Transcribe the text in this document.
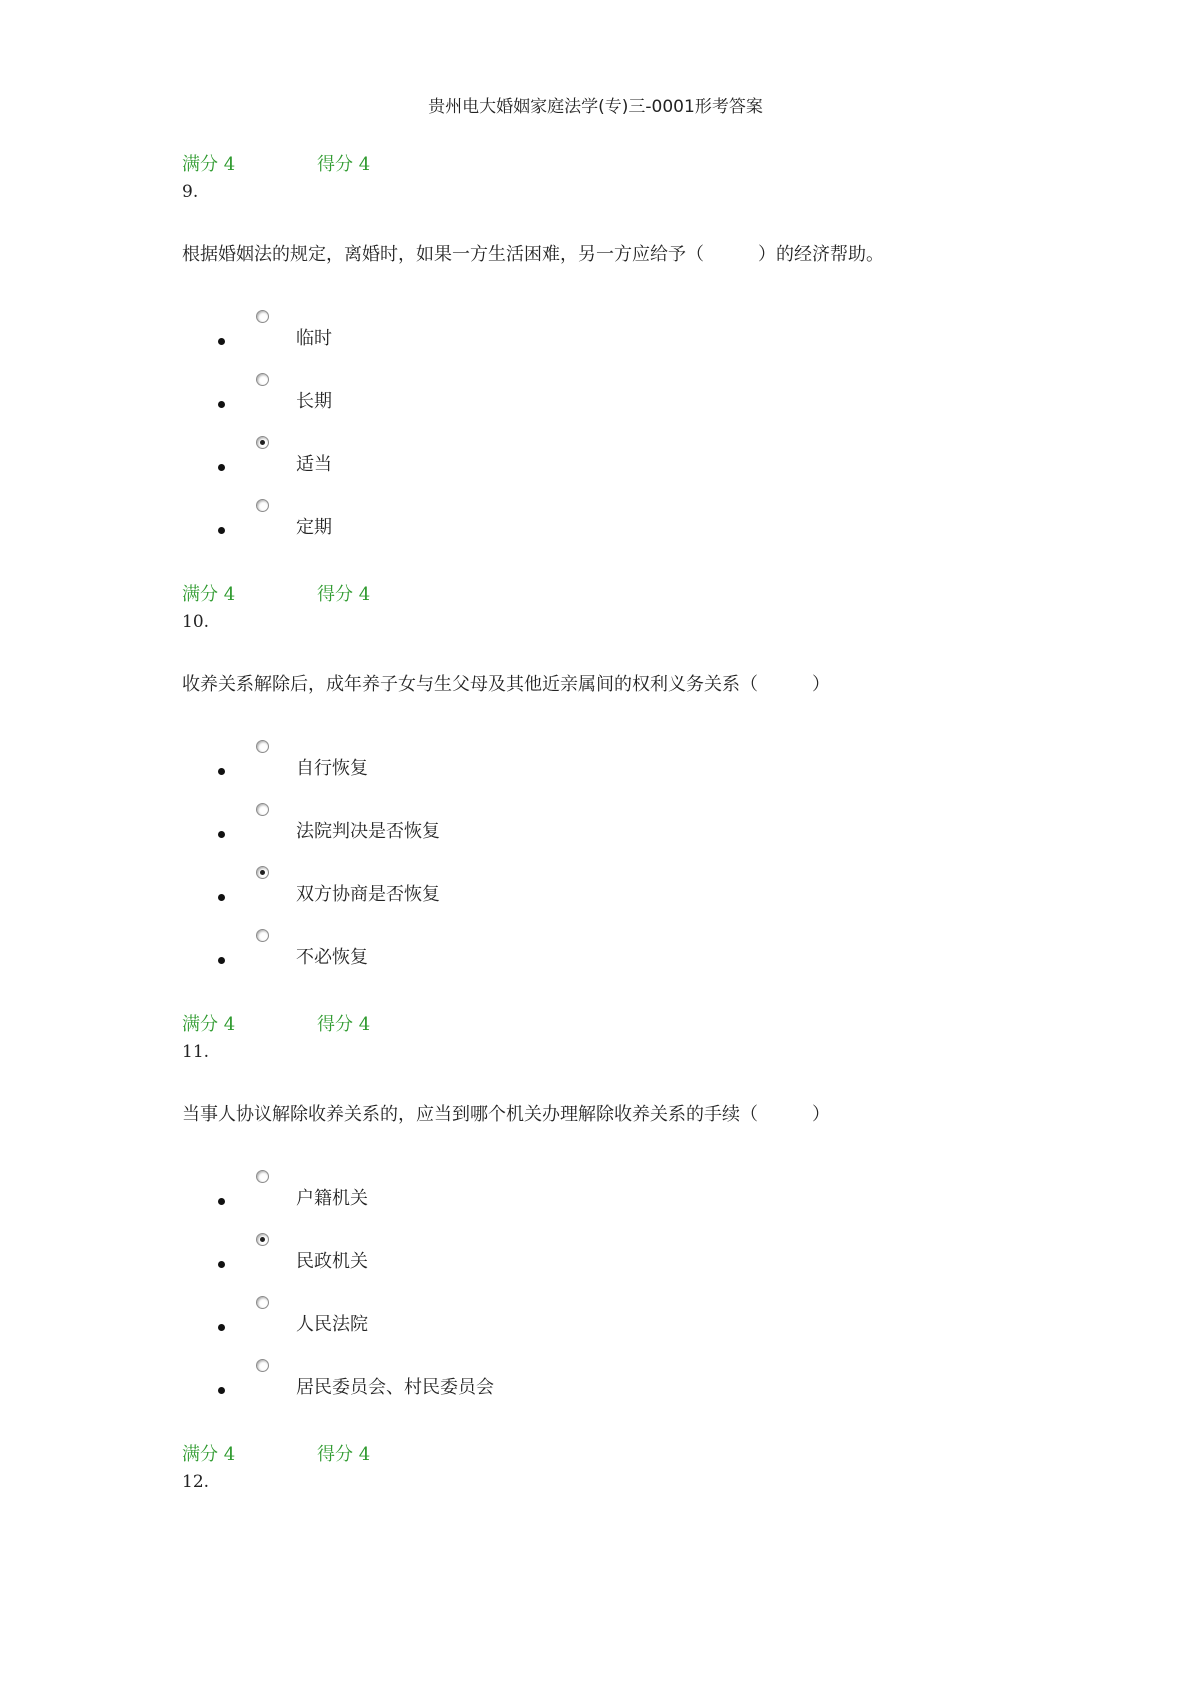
贵州电大婚姻家庭法学(专)三-0001形考答案
满分 4	得分 4
9.
根据婚姻法的规定，离婚时，如果一方生活困难，另一方应给予（　　　）的经济帮助。
临时
长期
适当
定期
满分 4	得分 4
10.
收养关系解除后，成年养子女与生父母及其他近亲属间的权利义务关系（　　　）
自行恢复
法院判决是否恢复
双方协商是否恢复
不必恢复
满分 4	得分 4
11.
当事人协议解除收养关系的，应当到哪个机关办理解除收养关系的手续（　　　）
户籍机关
民政机关
人民法院
居民委员会、村民委员会
满分 4	得分 4
12.
